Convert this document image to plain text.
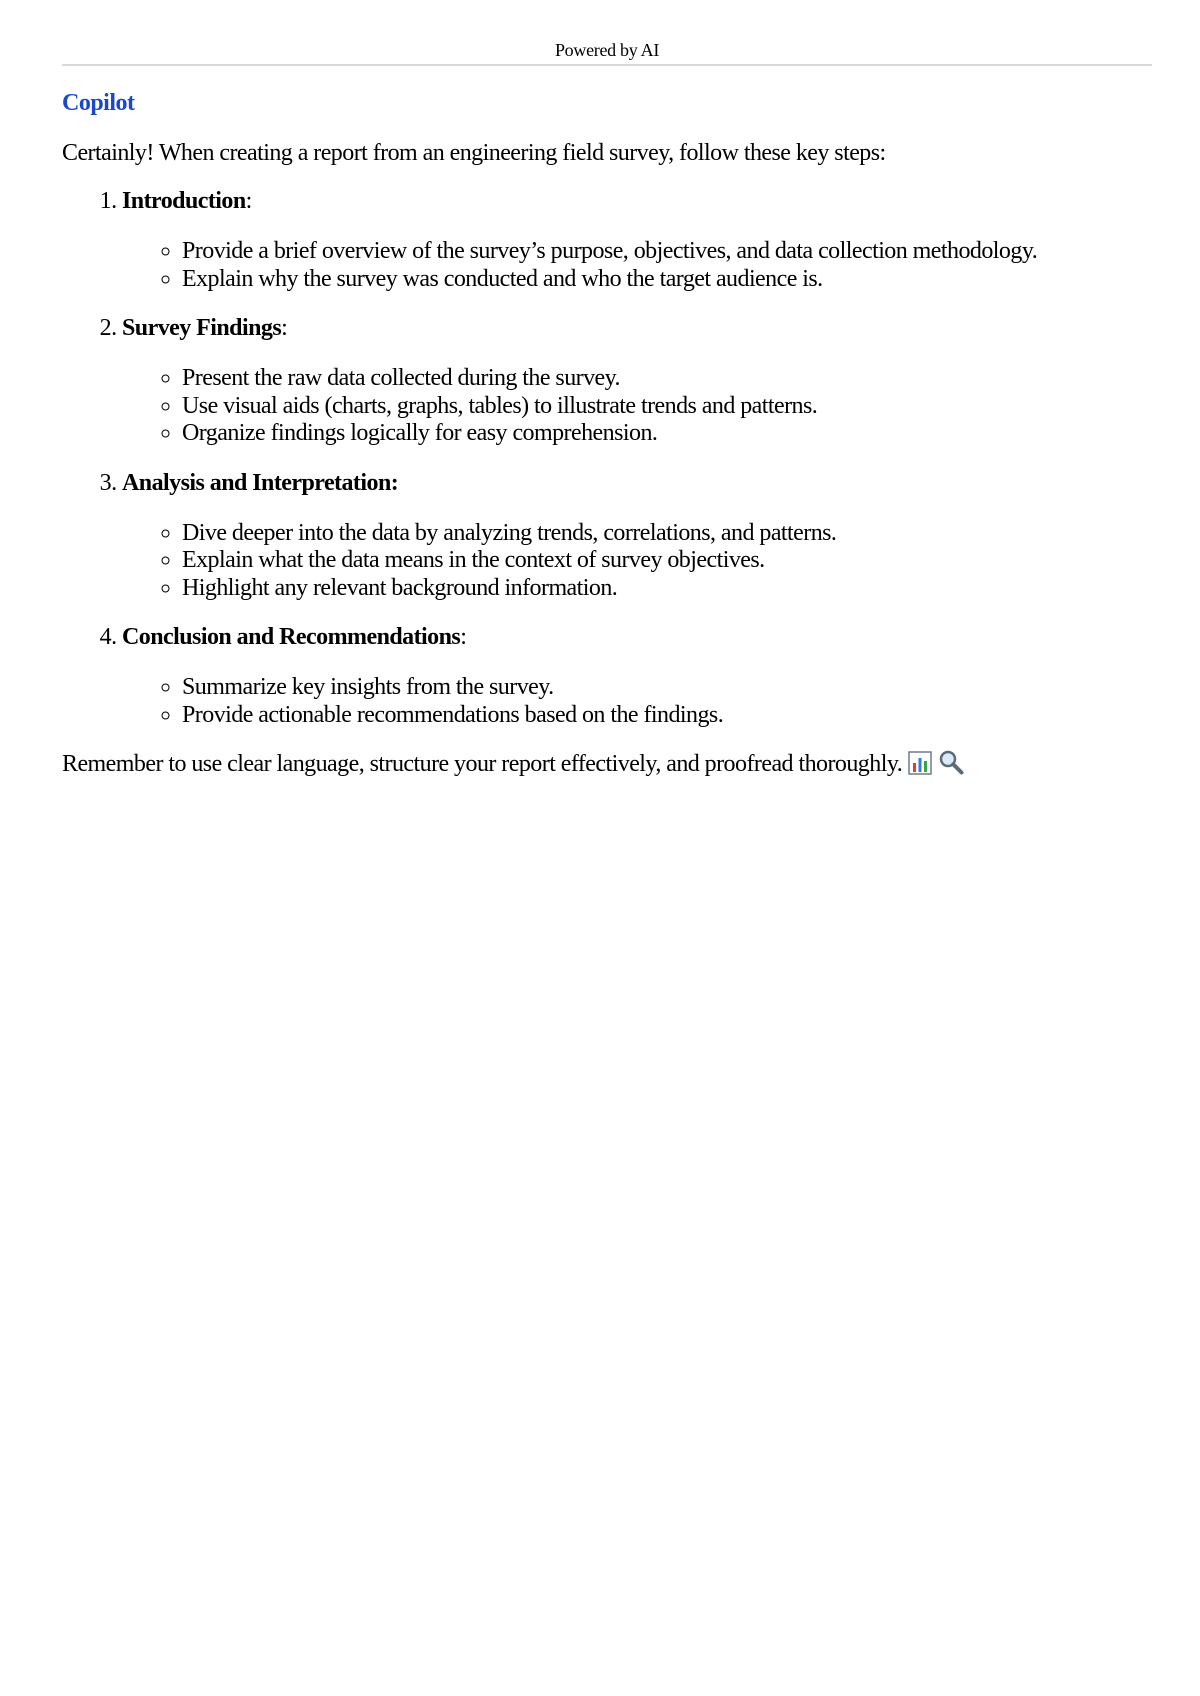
Powered by AI
Copilot

Certainly! When creating a report from an engineering field survey, follow these key steps:

1. Introduction:
◦ Provide a brief overview of the survey’s purpose, objectives, and data collection methodology.
◦ Explain why the survey was conducted and who the target audience is.
2. Survey Findings:
◦ Present the raw data collected during the survey.
◦ Use visual aids (charts, graphs, tables) to illustrate trends and patterns.
◦ Organize findings logically for easy comprehension.
3. Analysis and Interpretation:
◦ Dive deeper into the data by analyzing trends, correlations, and patterns.
◦ Explain what the data means in the context of survey objectives.
◦ Highlight any relevant background information.
4. Conclusion and Recommendations:
◦ Summarize key insights from the survey.
◦ Provide actionable recommendations based on the findings.

Remember to use clear language, structure your report effectively, and proofread thoroughly.
